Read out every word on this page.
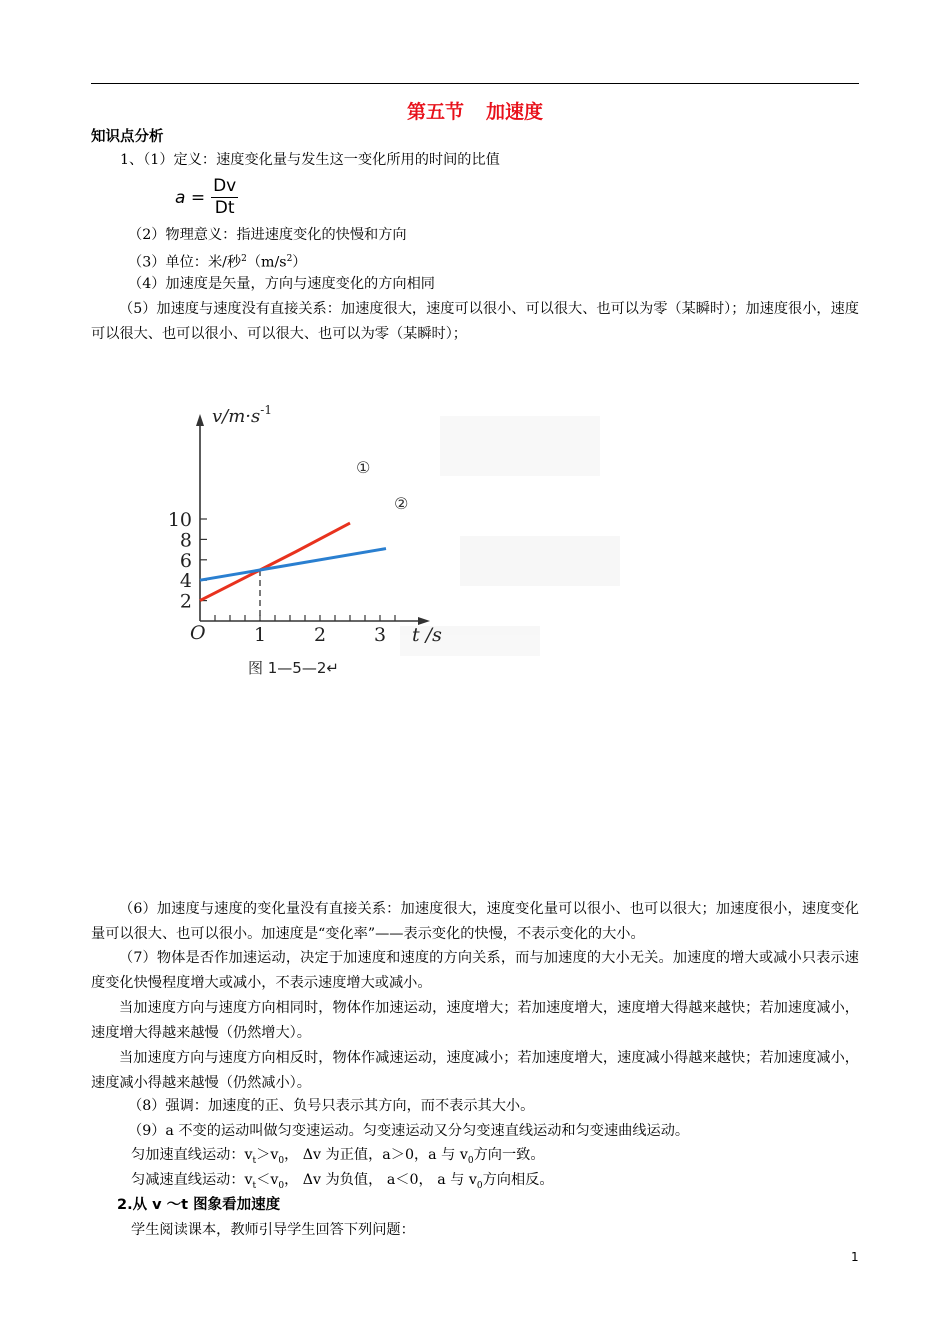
第五节 加速度
知识点分析
1、（1）定义：速度变化量与发生这一变化所用的时间的比值
$a = \frac{Dv}{Dt}$
（2）物理意义：指进速度变化的快慢和方向
（3）单位：米/秒$^2(m/s^2)$
（4）加速度是矢量，方向与速度变化的方向相同
（5）加速度与速度没有直接关系：加速度很大，速度可以很小、可以很大、也可以为零（某瞬时）；加速度很小，速度可以很大、也可以很小、可以很大、也可以为零（某瞬时）；
2
4
6
8
10
1	2	3
O	t /s
$v/m\cdot s^{-1}$
①
②
图 1—5—2↵
（6）加速度与速度的变化量没有直接关系：加速度很大，速度变化量可以很小、也可以很大；加速度很小，速度变化量可以很大、也可以很小。加速度是“变化率”——表示变化的快慢，不表示变化的大小。
（7）物体是否作加速运动，决定于加速度和速度的方向关系，而与加速度的大小无关。加速度的增大或减小只表示速度变化快慢程度增大或减小，不表示速度增大或减小。
当加速度方向与速度方向相同时，物体作加速运动，速度增大；若加速度增大，速度增大得越来越快；若加速度减小，速度增大得越来越慢（仍然增大）。
当加速度方向与速度方向相反时，物体作减速运动，速度减小；若加速度增大，速度减小得越来越快；若加速度减小，速度减小得越来越慢（仍然减小）。
（8）强调：加速度的正、负号只表示其方向，而不表示其大小。
（9）a 不变的运动叫做匀变速运动。匀变速运动又分匀变速直线运动和匀变速曲线运动。
匀加速直线运动：$v_t>v_0$， Δv 为正值，a＞0，a 与 $v_0$方向一致。
匀减速直线运动：$v_t<v_0$， Δv 为负值， a＜0， a 与 $v_0$方向相反。
2.从 v ～t 图象看加速度
学生阅读课本，教师引导学生回答下列问题：
1
